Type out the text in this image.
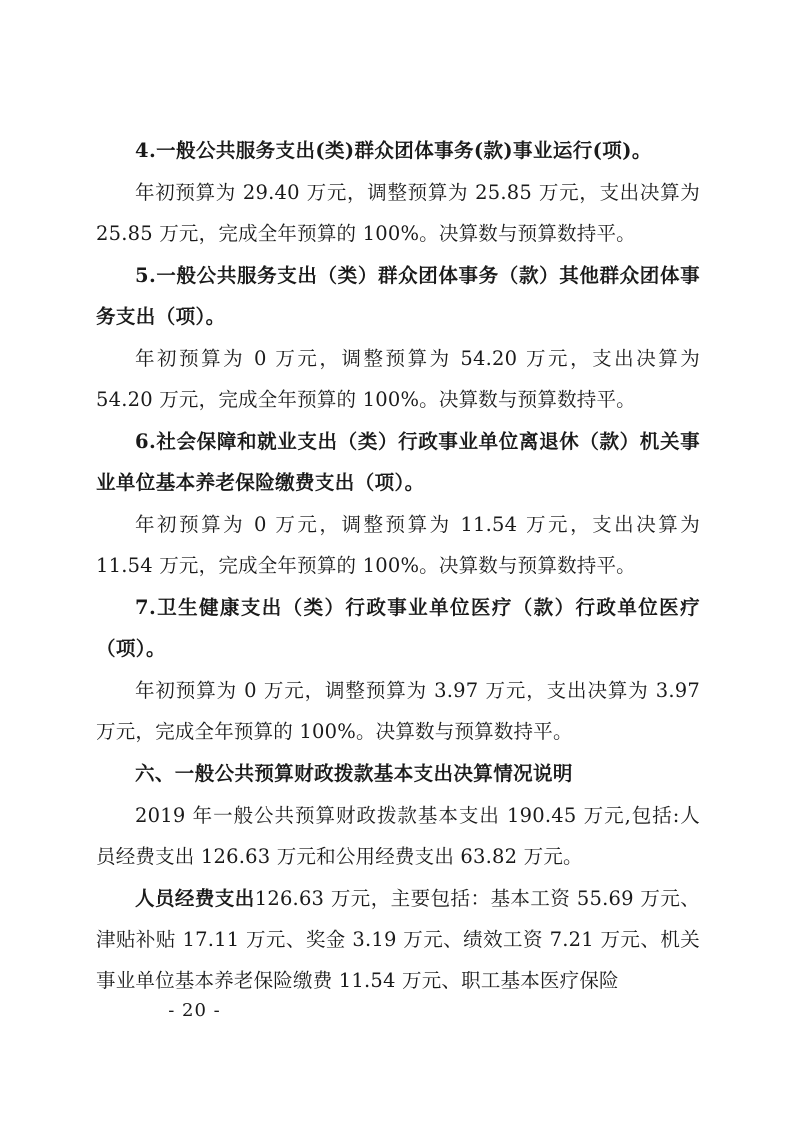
4.一般公共服务支出(类)群众团体事务(款)事业运行(项)。

年初预算为 29.40 万元，调整预算为 25.85 万元，支出决算为 25.85 万元，完成全年预算的 100%。决算数与预算数持平。

5.一般公共服务支出（类）群众团体事务（款）其他群众团体事务支出（项）。

年初预算为 0 万元，调整预算为 54.20 万元，支出决算为 54.20 万元，完成全年预算的 100%。决算数与预算数持平。

6.社会保障和就业支出（类）行政事业单位离退休（款）机关事业单位基本养老保险缴费支出（项）。

年初预算为 0 万元，调整预算为 11.54 万元，支出决算为 11.54 万元，完成全年预算的 100%。决算数与预算数持平。

7.卫生健康支出（类）行政事业单位医疗（款）行政单位医疗（项）。

年初预算为 0 万元，调整预算为 3.97 万元，支出决算为 3.97 万元，完成全年预算的 100%。决算数与预算数持平。

六、一般公共预算财政拨款基本支出决算情况说明

2019 年一般公共预算财政拨款基本支出 190.45 万元,包括:人员经费支出 126.63 万元和公用经费支出 63.82 万元。

人员经费支出126.63 万元，主要包括：基本工资 55.69 万元、津贴补贴 17.11 万元、奖金 3.19 万元、绩效工资 7.21 万元、机关事业单位基本养老保险缴费 11.54 万元、职工基本医疗保险

- 20 -
